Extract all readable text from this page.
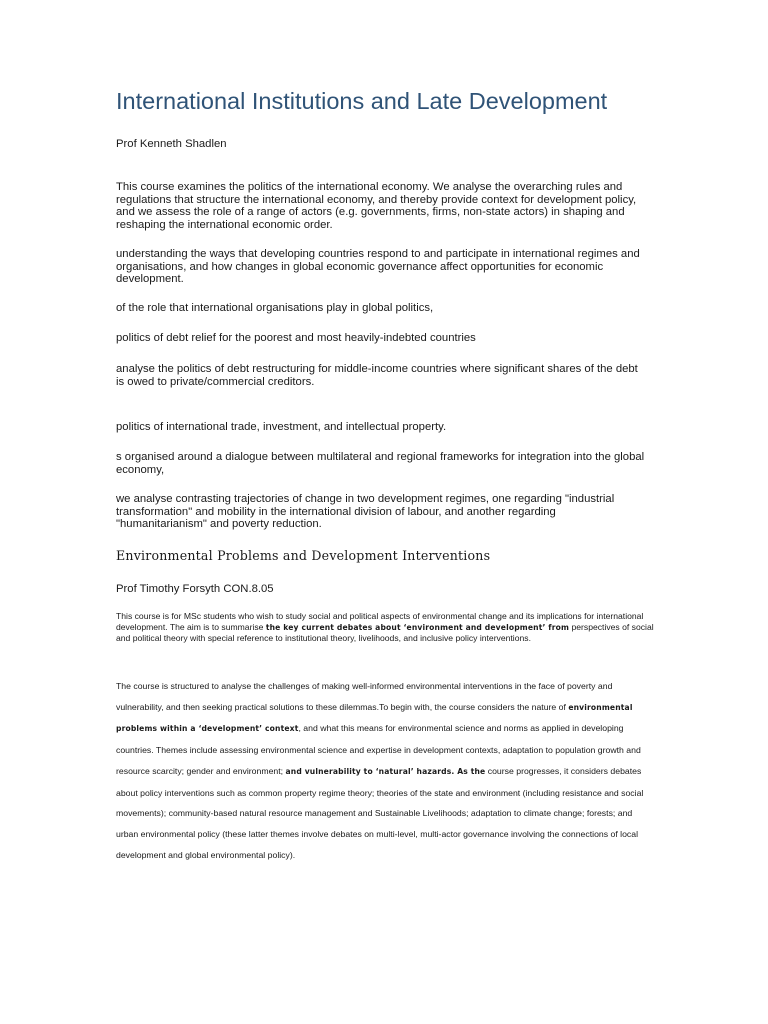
International Institutions and Late Development

Prof Kenneth Shadlen

This course examines the politics of the international economy. We analyse the overarching rules and regulations that structure the international economy, and thereby provide context for development policy, and we assess the role of a range of actors (e.g. governments, firms, non-state actors) in shaping and reshaping the international economic order.

understanding the ways that developing countries respond to and participate in international regimes and organisations, and how changes in global economic governance affect opportunities for economic development.

of the role that international organisations play in global politics,

politics of debt relief for the poorest and most heavily-indebted countries

analyse the politics of debt restructuring for middle-income countries where significant shares of the debt is owed to private/commercial creditors.

politics of international trade, investment, and intellectual property.

s organised around a dialogue between multilateral and regional frameworks for integration into the global economy,

we analyse contrasting trajectories of change in two development regimes, one regarding "industrial transformation" and mobility in the international division of labour, and another regarding "humanitarianism" and poverty reduction.

Environmental Problems and Development Interventions

Prof Timothy Forsyth CON.8.05

This course is for MSc students who wish to study social and political aspects of environmental change and its implications for international development. The aim is to summarise the key current debates about ‘environment and development’ from perspectives of social and political theory with special reference to institutional theory, livelihoods, and inclusive policy interventions.

The course is structured to analyse the challenges of making well-informed environmental interventions in the face of poverty and vulnerability, and then seeking practical solutions to these dilemmas.To begin with, the course considers the nature of environmental problems within a ‘development’ context, and what this means for environmental science and norms as applied in developing countries. Themes include assessing environmental science and expertise in development contexts, adaptation to population growth and resource scarcity; gender and environment; and vulnerability to ‘natural’ hazards. As the course progresses, it considers debates about policy interventions such as common property regime theory; theories of the state and environment (including resistance and social movements); community-based natural resource management and Sustainable Livelihoods; adaptation to climate change; forests; and urban environmental policy (these latter themes involve debates on multi-level, multi-actor governance involving the connections of local development and global environmental policy).
